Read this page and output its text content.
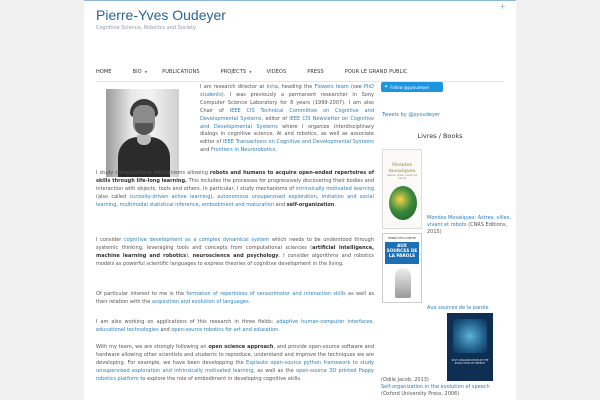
+
Pierre-Yves Oudeyer
Cognitive Science, Robotics and Society
HOME	BIO ▼	PUBLICATIONS	PROJECTS ▼	VIDEOS	PRESS	POUR LE GRAND PUBLIC

I am research director at Inria, heading the Flowers team (see PhD students). I was previously a permanent researcher in Sony Computer Science Laboratory for 8 years (1999-2007). I am also Chair of IEEE CIS Technical Committee on Cognitive and Developmental Systems, editor of IEEE CIS Newsletter on Cognitive and Developmental Systems where I organize interdisciplinary dialogs in cognitive science, AI and robotics, as well as associate editor of IEEE Transactions on Cognitive and Developmental Systems and Frontiers in Neurorobotics.

I study computational mechanisms allowing robots and humans to acquire open-ended repertoires of skills through life-long learning. This includes the processes for progressively discovering their bodies and interaction with objects, tools and others. In particular, I study mechanisms of intrinsically motivated learning (also called curiosity-driven active learning), autonomous unsupervised exploration, imitation and social learning, multimodal statistical inference, embodiment and maturation and self-organization.

I consider cognitive development as a complex dynamical system which needs to be understood through systemic thinking, leveraging tools and concepts from computational sciences (artificial intelligence, machine learning and robotics), neuroscience and psychology. I consider algorithms and robotics models as powerful scientific languages to express theories of cognitive development in the living.

Of particular interest to me is the formation of repertoires of sensorimotor and interaction skills as well as their relation with the acquisition and evolution of languages.

I am also working on applications of this research in three fields: adaptive human-computer interfaces, educational technologies and open-source robotics for art and education.

With my team, we are strongly following an open science approach, and provide open-source software and hardware allowing other scientists and students to reproduce, understand and improve the techniques we are developing. For example, we have been developping the Explauto open-source python framework to study unsupervised exploration and intrinsically motivated learning, as well as the open-source 3D printed Poppy robotics platform to explore the role of embodiment in developing cognitive skills.

✦ Follow @pyoudeyer
Tweets by @pyoudeyer
Livres / Books
Mondes mosaïques
Astres, villes, vivant et robots
Mondes Mosaïques: Astres, villes, vivant et robots (CNRS Editions, 2015)
PIERRE-YVES OUDEYER
AUX SOURCES DE LA PAROLE
Aux sources de la parole
SELF-ORGANIZATION IN THE EVOLUTION OF SPEECH
(Odile Jacob, 2013)
Self-organization in the evolution of speech
(Oxford University Press, 2006)
